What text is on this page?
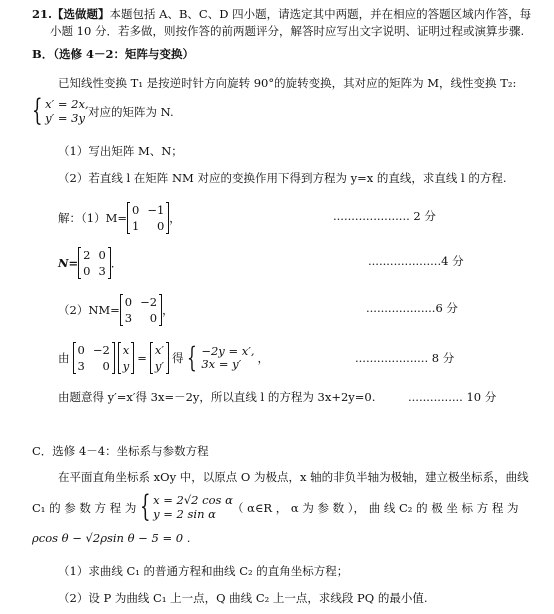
21.【选做题】本题包括 A、B、C、D 四小题，请选定其中两题，并在相应的答题区域内作答，每
小题 10 分．若多做，则按作答的前两题评分，解答时应写出文字说明、证明过程或演算步骤.
B．（选修 4－2：矩阵与变换）
已知线性变换 T₁ 是按逆时针方向旋转 90°的旋转变换，其对应的矩阵为 M，线性变换 T₂:
{ x′ = 2x,
y′ = 3y 对应的矩阵为 N.
（1）写出矩阵 M、N；
（2）若直线 l 在矩阵 NM 对应的变换作用下得到方程为 y=x 的直线，求直线 l 的方程.
解：（1）M=
0 −1
1	0
，	..................... 2 分
N=
2 0
0 3
．	....................4 分
（2）NM=
0 −2
3	0
，	...................6 分
由
0 −2
3	0
x
y
=
x′
y′
得 { −2y = x′,
3x = y′	，	.................... 8 分
由题意得 y′=x′得 3x=－2y，所以直线 l 的方程为 3x+2y=0.	............... 10 分
C．选修 4－4：坐标系与参数方程
在平面直角坐标系 xOy 中，以原点 O 为极点，x 轴的非负半轴为极轴，建立极坐标系，曲线
C₁ 的 参 数 方 程 为 { x = 2√2 cos α
y = 2 sin α	（ α∈R ， α 为 参 数 ）， 曲 线 C₂ 的 极 坐 标 方 程 为
ρcos θ − √2ρsin θ − 5 = 0 .
（1）求曲线 C₁ 的普通方程和曲线 C₂ 的直角坐标方程；
（2）设 P 为曲线 C₁ 上一点，Q 曲线 C₂ 上一点，求线段 PQ 的最小值.
